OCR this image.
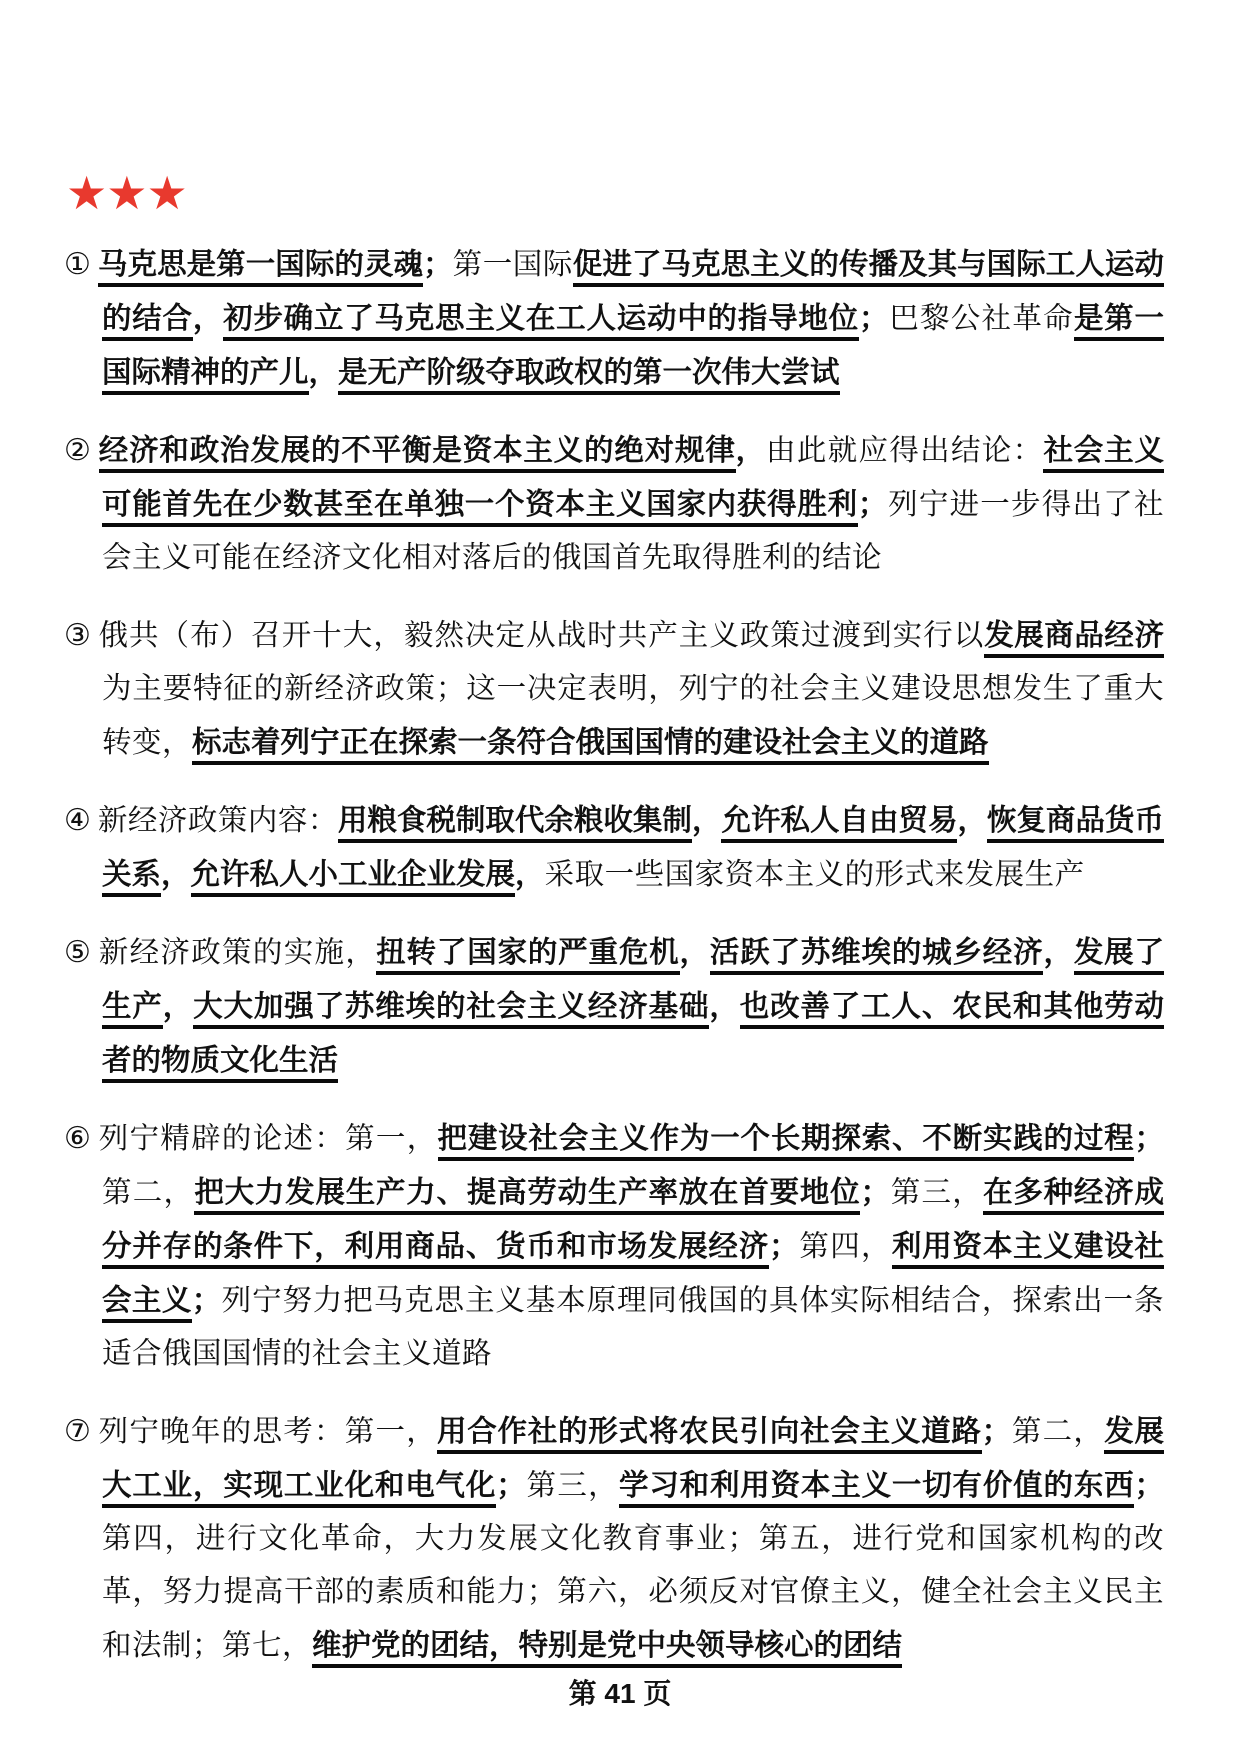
★★★

① 马克思是第一国际的灵魂；第一国际促进了马克思主义的传播及其与国际工人运动的结合，初步确立了马克思主义在工人运动中的指导地位；巴黎公社革命是第一国际精神的产儿，是无产阶级夺取政权的第一次伟大尝试

② 经济和政治发展的不平衡是资本主义的绝对规律，由此就应得出结论：社会主义可能首先在少数甚至在单独一个资本主义国家内获得胜利；列宁进一步得出了社会主义可能在经济文化相对落后的俄国首先取得胜利的结论

③ 俄共（布）召开十大，毅然决定从战时共产主义政策过渡到实行以发展商品经济为主要特征的新经济政策；这一决定表明，列宁的社会主义建设思想发生了重大转变，标志着列宁正在探索一条符合俄国国情的建设社会主义的道路

④ 新经济政策内容：用粮食税制取代余粮收集制，允许私人自由贸易，恢复商品货币关系，允许私人小工业企业发展，采取一些国家资本主义的形式来发展生产

⑤ 新经济政策的实施，扭转了国家的严重危机，活跃了苏维埃的城乡经济，发展了生产，大大加强了苏维埃的社会主义经济基础，也改善了工人、农民和其他劳动者的物质文化生活

⑥ 列宁精辟的论述：第一，把建设社会主义作为一个长期探索、不断实践的过程；第二，把大力发展生产力、提高劳动生产率放在首要地位；第三，在多种经济成分并存的条件下，利用商品、货币和市场发展经济；第四，利用资本主义建设社会主义；列宁努力把马克思主义基本原理同俄国的具体实际相结合，探索出一条适合俄国国情的社会主义道路

⑦ 列宁晚年的思考：第一，用合作社的形式将农民引向社会主义道路；第二，发展大工业，实现工业化和电气化；第三，学习和利用资本主义一切有价值的东西；第四，进行文化革命，大力发展文化教育事业；第五，进行党和国家机构的改革，努力提高干部的素质和能力；第六，必须反对官僚主义，健全社会主义民主和法制；第七，维护党的团结，特别是党中央领导核心的团结

第 41 页
